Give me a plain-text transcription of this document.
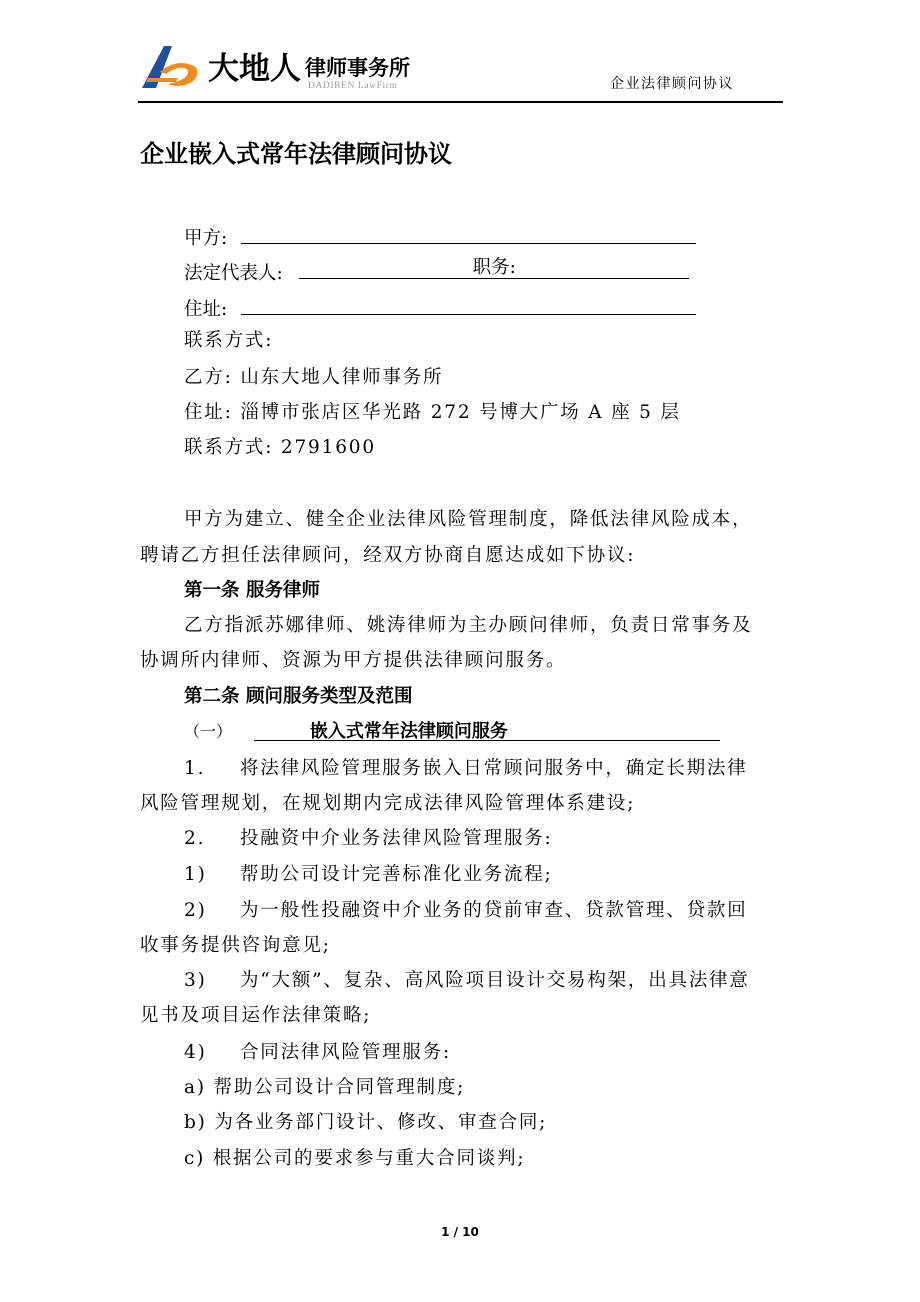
大地人 律师事务所
DADIREN LawFirm	企业法律顾问协议
企业嵌入式常年法律顾问协议
甲方:
法定代表人:	职务:
住址:
联系方式:
乙方: 山东大地人律师事务所
住址: 淄博市张店区华光路 272 号博大广场 A 座 5 层
联系方式: 2791600
甲方为建立、健全企业法律风险管理制度，降低法律风险成本，
聘请乙方担任法律顾问，经双方协商自愿达成如下协议:
第一条 服务律师
乙方指派苏娜律师、姚涛律师为主办顾问律师，负责日常事务及
协调所内律师、资源为甲方提供法律顾问服务。
第二条 顾问服务类型及范围
（一）	嵌入式常年法律顾问服务
1. 将法律风险管理服务嵌入日常顾问服务中，确定长期法律
风险管理规划，在规划期内完成法律风险管理体系建设;
2. 投融资中介业务法律风险管理服务:
1) 帮助公司设计完善标准化业务流程;
2) 为一般性投融资中介业务的贷前审查、贷款管理、贷款回
收事务提供咨询意见;
3) 为“大额”、复杂、高风险项目设计交易构架，出具法律意
见书及项目运作法律策略;
4) 合同法律风险管理服务:
a) 帮助公司设计合同管理制度;
b) 为各业务部门设计、修改、审查合同;
c) 根据公司的要求参与重大合同谈判;
1 / 10
